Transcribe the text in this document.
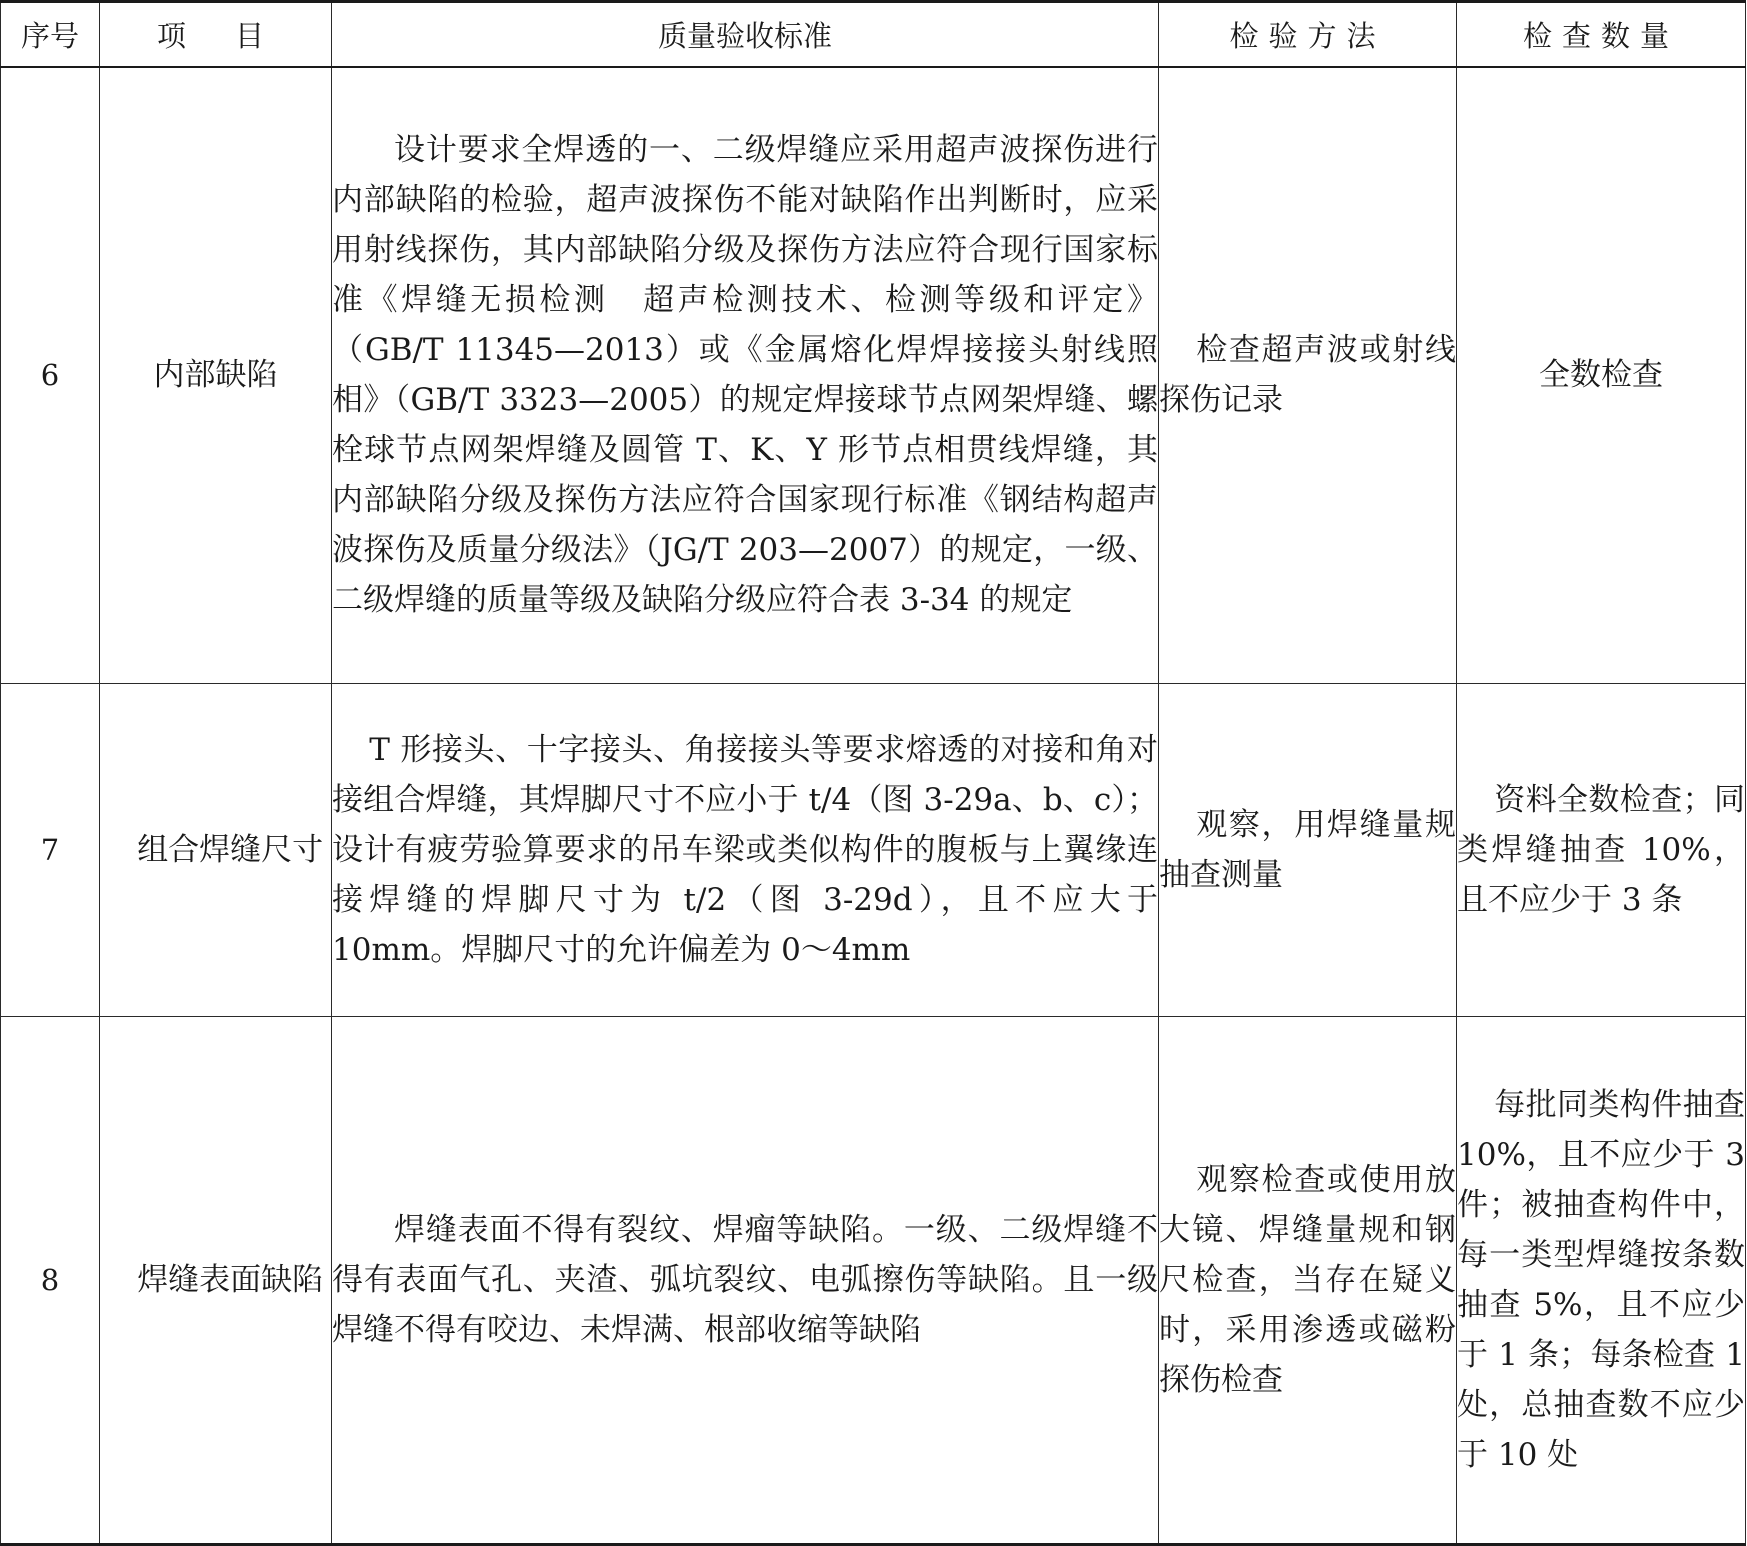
序号	项　目	质量验收标准	检验方法	检查数量
6	内部缺陷	设计要求全焊透的一、二级焊缝应采用超声波探伤进行内部缺陷的检验，超声波探伤不能对缺陷作出判断时，应采用射线探伤，其内部缺陷分级及探伤方法应符合现行国家标准《焊缝无损检测　超声检测技术、检测等级和评定》（GB/T 11345—2013）或《金属熔化焊焊接接头射线照相》（GB/T 3323—2005）的规定焊接球节点网架焊缝、螺栓球节点网架焊缝及圆管 T、K、Y 形节点相贯线焊缝，其内部缺陷分级及探伤方法应符合国家现行标准《钢结构超声波探伤及质量分级法》（JG/T 203—2007）的规定，一级、二级焊缝的质量等级及缺陷分级应符合表 3-34 的规定	检查超声波或射线探伤记录	全数检查
7	组合焊缝尺寸	T 形接头、十字接头、角接接头等要求熔透的对接和角对接组合焊缝，其焊脚尺寸不应小于 t/4（图 3-29a、b、c）；设计有疲劳验算要求的吊车梁或类似构件的腹板与上翼缘连接焊缝的焊脚尺寸为 t/2（图 3-29d），且不应大于 10mm。焊脚尺寸的允许偏差为 0～4mm	观察，用焊缝量规抽查测量	资料全数检查；同类焊缝抽查 10%，且不应少于 3 条

8	焊缝表面缺陷	焊缝表面不得有裂纹、焊瘤等缺陷。一级、二级焊缝不得有表面气孔、夹渣、弧坑裂纹、电弧擦伤等缺陷。且一级焊缝不得有咬边、未焊满、根部收缩等缺陷	观察检查或使用放大镜、焊缝量规和钢尺检查，当存在疑义时，采用渗透或磁粉探伤检查	每批同类构件抽查 10%，且不应少于 3 件；被抽查构件中，每一类型焊缝按条数抽查 5%，且不应少于 1 条；每条检查 1 处，总抽查数不应少于 10 处
